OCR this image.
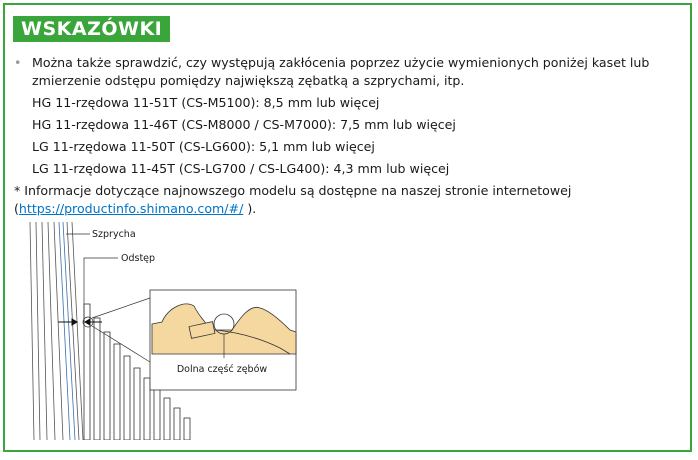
WSKAZÓWKI
• Można także sprawdzić, czy występują zakłócenia poprzez użycie wymienionych poniżej kaset lub zmierzenie odstępu pomiędzy największą zębatką a szprychami, itp.
HG 11-rzędowa 11-51T (CS-M5100): 8,5 mm lub więcej
HG 11-rzędowa 11-46T (CS-M8000 / CS-M7000): 7,5 mm lub więcej
LG 11-rzędowa 11-50T (CS-LG600): 5,1 mm lub więcej
LG 11-rzędowa 11-45T (CS-LG700 / CS-LG400): 4,3 mm lub więcej
* Informacje dotyczące najnowszego modelu są dostępne na naszej stronie internetowej (https://productinfo.shimano.com/#/ ).
Szprycha
Odstęp
Dolna część zębów
